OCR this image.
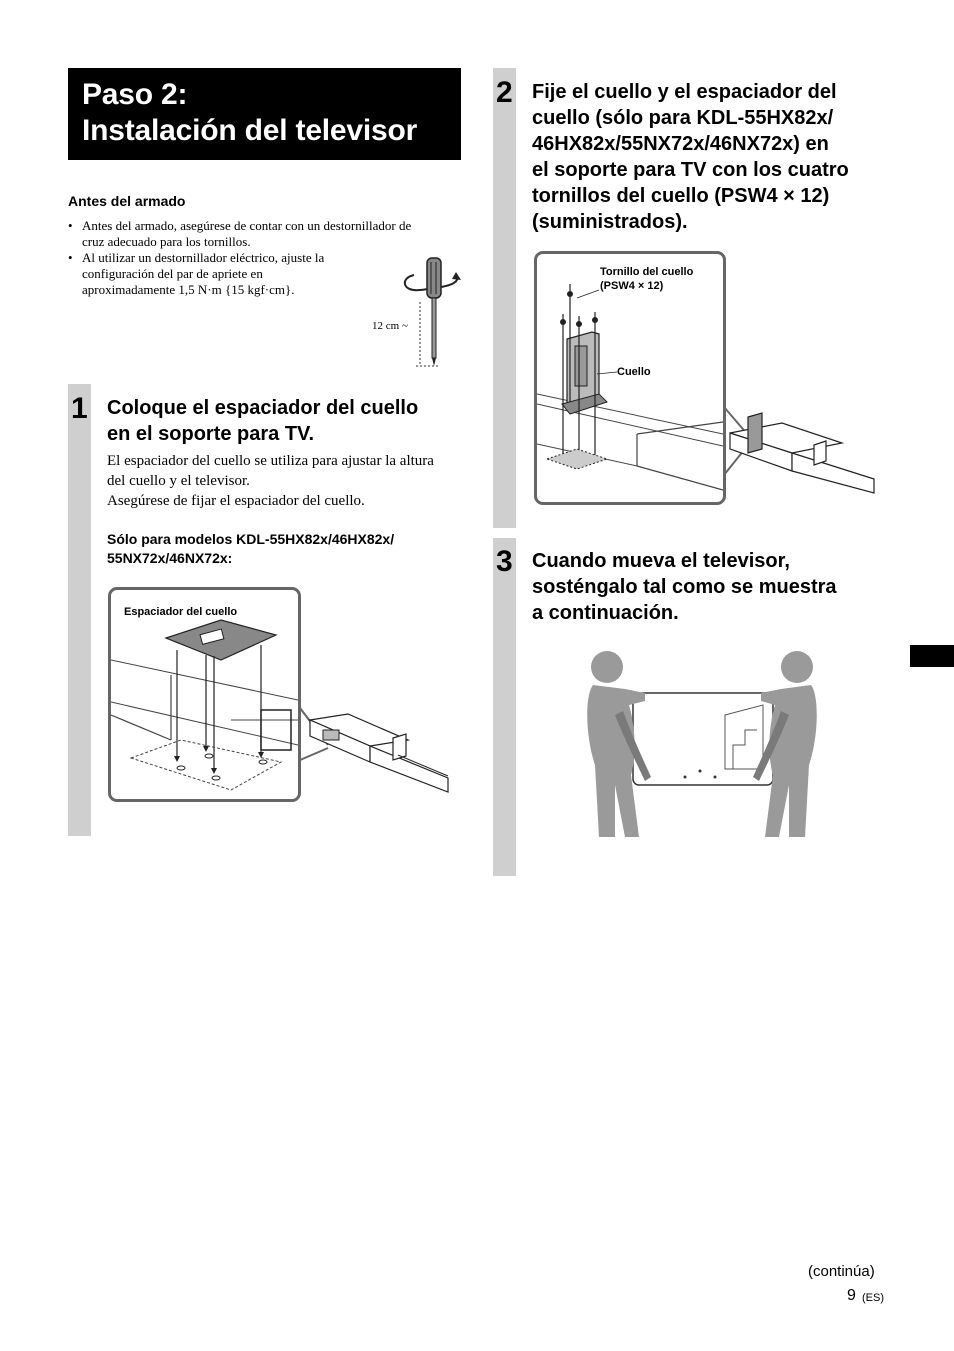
Paso 2:
Instalación del televisor
Antes del armado
• Antes del armado, asegúrese de contar con un destornillador de
cruz adecuado para los tornillos.
• Al utilizar un destornillador eléctrico, ajuste la
configuración del par de apriete en
aproximadamente 1,5 N·m {15 kgf·cm}.
12 cm ~
1 Coloque el espaciador del cuello
en el soporte para TV.
El espaciador del cuello se utiliza para ajustar la altura
del cuello y el televisor.
Asegúrese de fijar el espaciador del cuello.
Sólo para modelos KDL-55HX82x/46HX82x/
55NX72x/46NX72x:
Espaciador del cuello
2 Fije el cuello y el espaciador del
cuello (sólo para KDL-55HX82x/
46HX82x/55NX72x/46NX72x) en
el soporte para TV con los cuatro
tornillos del cuello (PSW4 × 12)
(suministrados).
Tornillo del cuello
(PSW4 × 12)
Cuello
3 Cuando mueva el televisor,
sosténgalo tal como se muestra
a continuación.
(continúa)
9 (ES)
